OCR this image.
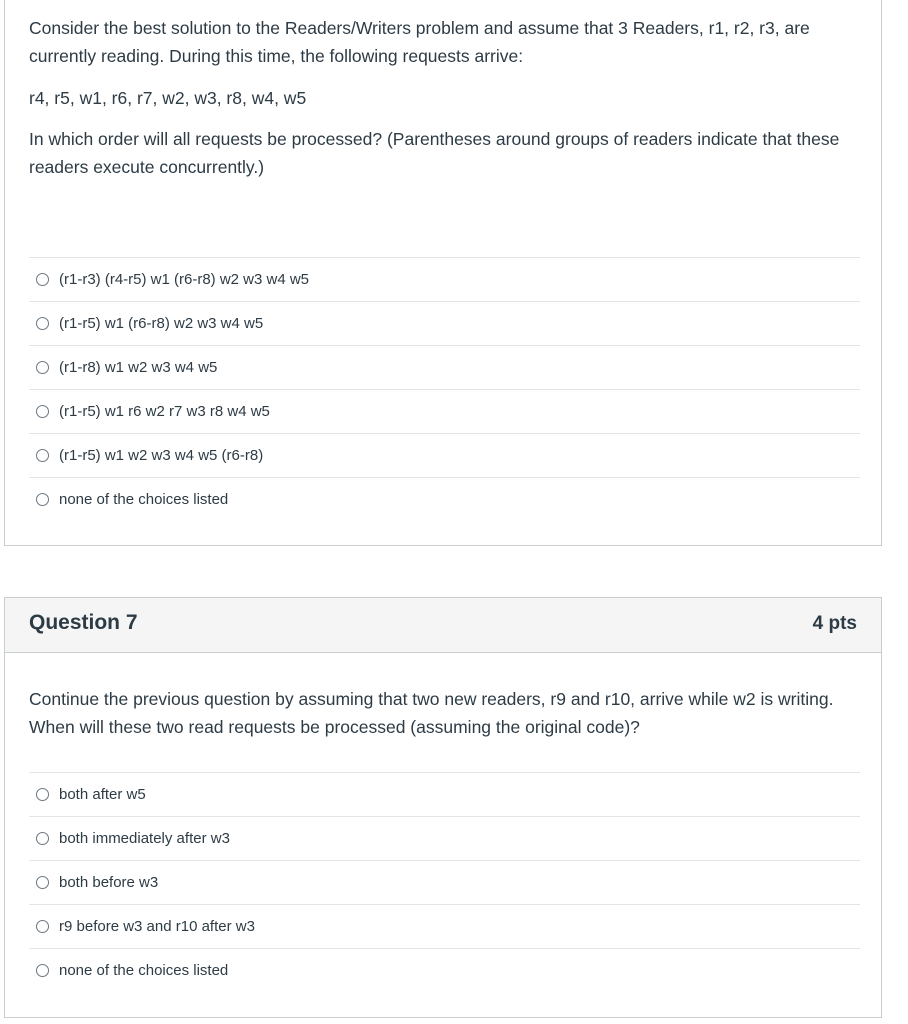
Consider the best solution to the Readers/Writers problem and assume that 3 Readers, r1, r2, r3, are currently reading. During this time, the following requests arrive:

r4, r5, w1, r6, r7, w2, w3, r8, w4, w5

In which order will all requests be processed? (Parentheses around groups of readers indicate that these readers execute concurrently.)

(r1-r3) (r4-r5) w1 (r6-r8) w2 w3 w4 w5
(r1-r5) w1 (r6-r8) w2 w3 w4 w5
(r1-r8) w1 w2 w3 w4 w5
(r1-r5) w1 r6 w2 r7 w3 r8 w4 w5
(r1-r5) w1 w2 w3 w4 w5 (r6-r8)
none of the choices listed
Question 7	4 pts

Continue the previous question by assuming that two new readers, r9 and r10, arrive while w2 is writing. When will these two read requests be processed (assuming the original code)?

both after w5
both immediately after w3
both before w3
r9 before w3 and r10 after w3
none of the choices listed
